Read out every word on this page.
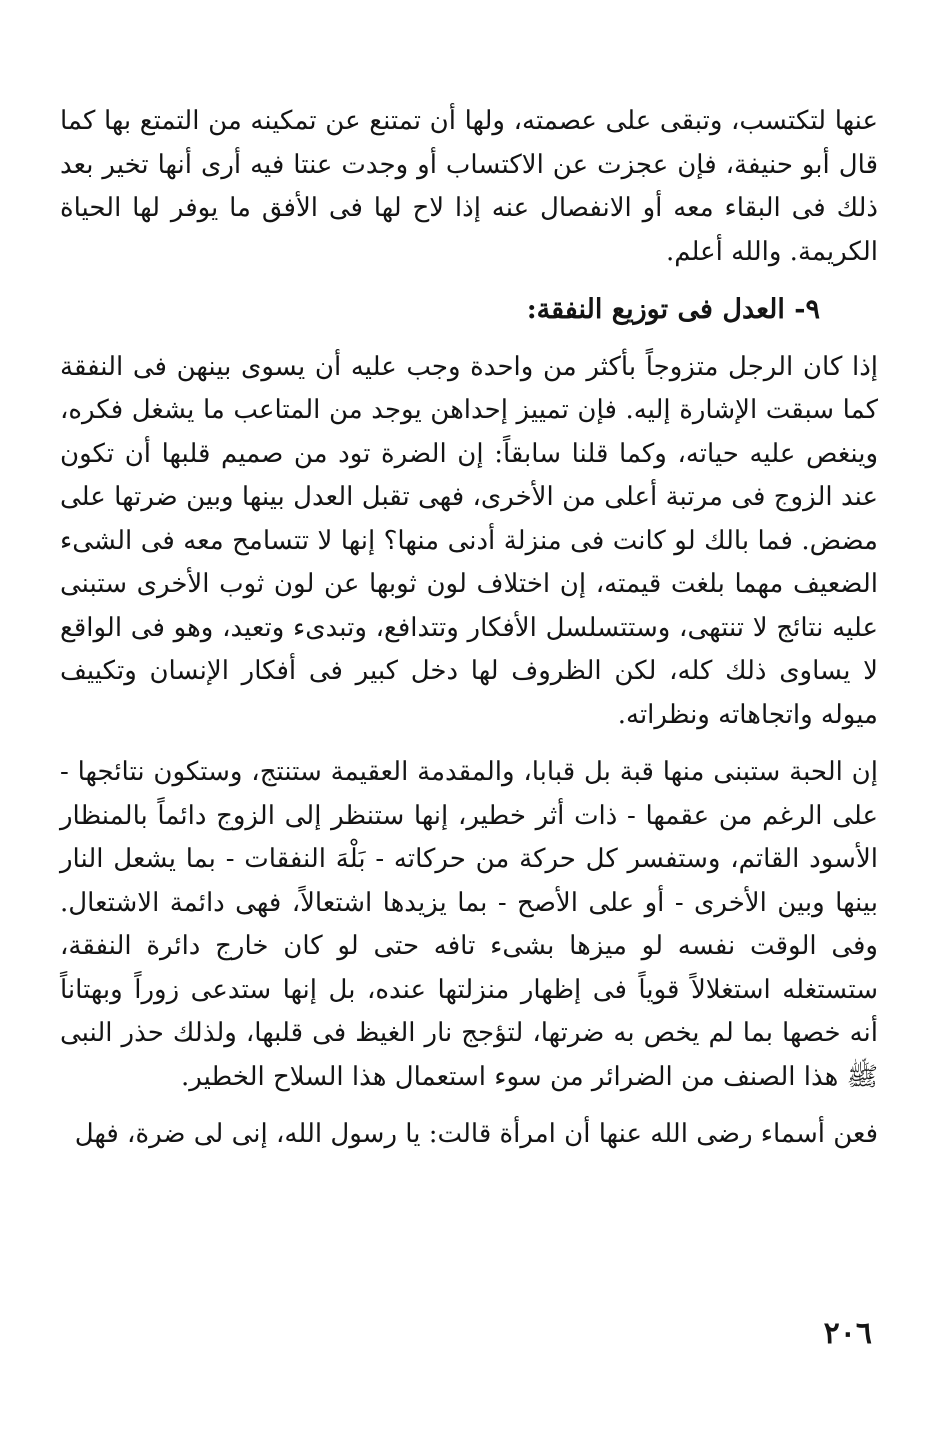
عنها لتكتسب، وتبقى على عصمته، ولها أن تمتنع عن تمكينه من التمتع بها كما قال أبو حنيفة، فإن عجزت عن الاكتساب أو وجدت عنتا فيه أرى أنها تخير بعد ذلك فى البقاء معه أو الانفصال عنه إذا لاح لها فى الأفق ما يوفر لها الحياة الكريمة. والله أعلم.

٩- العدل فى توزيع النفقة:

إذا كان الرجل متزوجاً بأكثر من واحدة وجب عليه أن يسوى بينهن فى النفقة كما سبقت الإشارة إليه. فإن تمييز إحداهن يوجد من المتاعب ما يشغل فكره، وينغص عليه حياته، وكما قلنا سابقاً: إن الضرة تود من صميم قلبها أن تكون عند الزوج فى مرتبة أعلى من الأخرى، فهى تقبل العدل بينها وبين ضرتها على مضض. فما بالك لو كانت فى منزلة أدنى منها؟ إنها لا تتسامح معه فى الشىء الضعيف مهما بلغت قيمته، إن اختلاف لون ثوبها عن لون ثوب الأخرى ستبنى عليه نتائج لا تنتهى، وستتسلسل الأفكار وتتدافع، وتبدىء وتعيد، وهو فى الواقع لا يساوى ذلك كله، لكن الظروف لها دخل كبير فى أفكار الإنسان وتكييف ميوله واتجاهاته ونظراته.

إن الحبة ستبنى منها قبة بل قبابا، والمقدمة العقيمة ستنتج، وستكون نتائجها - على الرغم من عقمها - ذات أثر خطير، إنها ستنظر إلى الزوج دائماً بالمنظار الأسود القاتم، وستفسر كل حركة من حركاته - بَلْهَ النفقات - بما يشعل النار بينها وبين الأخرى - أو على الأصح - بما يزيدها اشتعالاً، فهى دائمة الاشتعال. وفى الوقت نفسه لو ميزها بشىء تافه حتى لو كان خارج دائرة النفقة، ستستغله استغلالاً قوياً فى إظهار منزلتها عنده، بل إنها ستدعى زوراً وبهتاناً أنه خصها بما لم يخص به ضرتها، لتؤجج نار الغيظ فى قلبها، ولذلك حذر النبى ﷺ هذا الصنف من الضرائر من سوء استعمال هذا السلاح الخطير.

فعن أسماء رضى الله عنها أن امرأة قالت: يا رسول الله، إنى لى ضرة، فهل

٢٠٦
